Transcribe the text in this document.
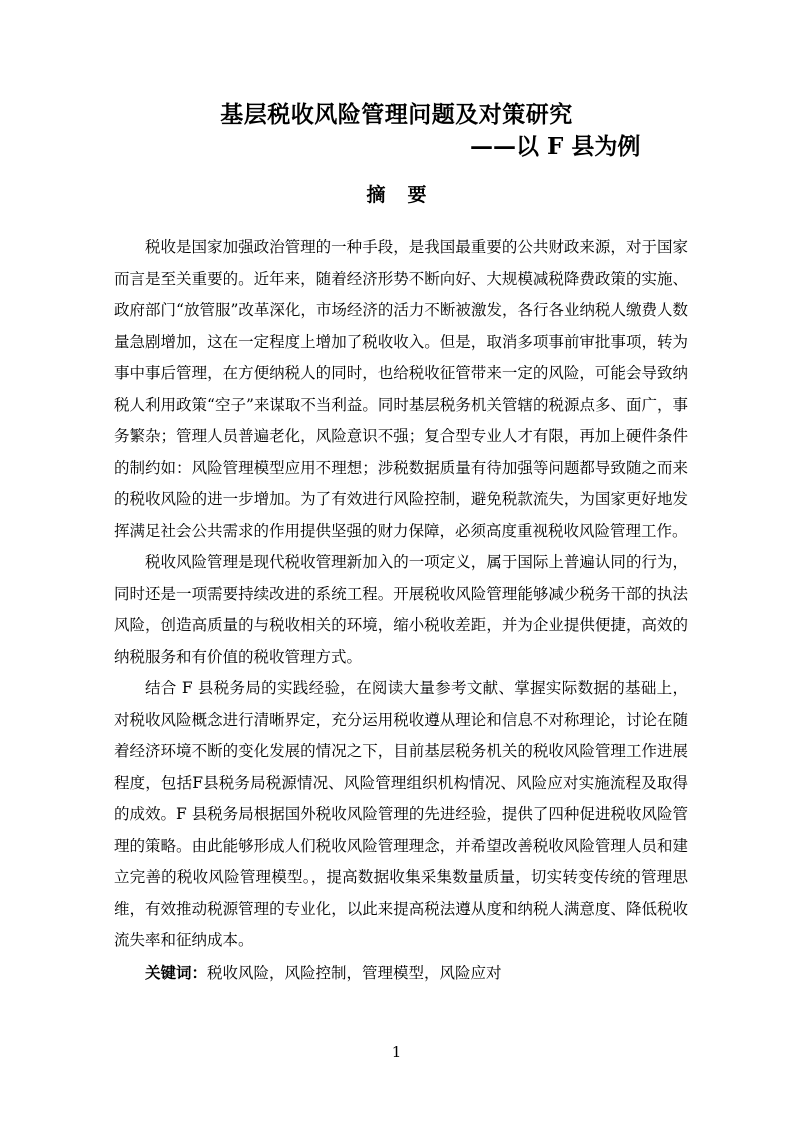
基层税收风险管理问题及对策研究
——以 F 县为例
摘要

税收是国家加强政治管理的一种手段，是我国最重要的公共财政来源，对于国家而言是至关重要的。近年来，随着经济形势不断向好、大规模减税降费政策的实施、政府部门“放管服”改革深化，市场经济的活力不断被激发，各行各业纳税人缴费人数量急剧增加，这在一定程度上增加了税收收入。但是，取消多项事前审批事项，转为事中事后管理，在方便纳税人的同时，也给税收征管带来一定的风险，可能会导致纳税人利用政策“空子”来谋取不当利益。同时基层税务机关管辖的税源点多、面广，事务繁杂；管理人员普遍老化，风险意识不强；复合型专业人才有限，再加上硬件条件的制约如：风险管理模型应用不理想；涉税数据质量有待加强等问题都导致随之而来的税收风险的进一步增加。为了有效进行风险控制，避免税款流失，为国家更好地发挥满足社会公共需求的作用提供坚强的财力保障，必须高度重视税收风险管理工作。

税收风险管理是现代税收管理新加入的一项定义，属于国际上普遍认同的行为，同时还是一项需要持续改进的系统工程。开展税收风险管理能够减少税务干部的执法风险，创造高质量的与税收相关的环境，缩小税收差距，并为企业提供便捷，高效的纳税服务和有价值的税收管理方式。

结合 F 县税务局的实践经验，在阅读大量参考文献、掌握实际数据的基础上，对税收风险概念进行清晰界定，充分运用税收遵从理论和信息不对称理论，讨论在随着经济环境不断的变化发展的情况之下，目前基层税务机关的税收风险管理工作进展程度，包括F县税务局税源情况、风险管理组织机构情况、风险应对实施流程及取得的成效。F 县税务局根据国外税收风险管理的先进经验，提供了四种促进税收风险管理的策略。由此能够形成人们税收风险管理理念，并希望改善税收风险管理人员和建立完善的税收风险管理模型。，提高数据收集采集数量质量，切实转变传统的管理思维，有效推动税源管理的专业化，以此来提高税法遵从度和纳税人满意度、降低税收流失率和征纳成本。

关键词：税收风险，风险控制，管理模型，风险应对

1
